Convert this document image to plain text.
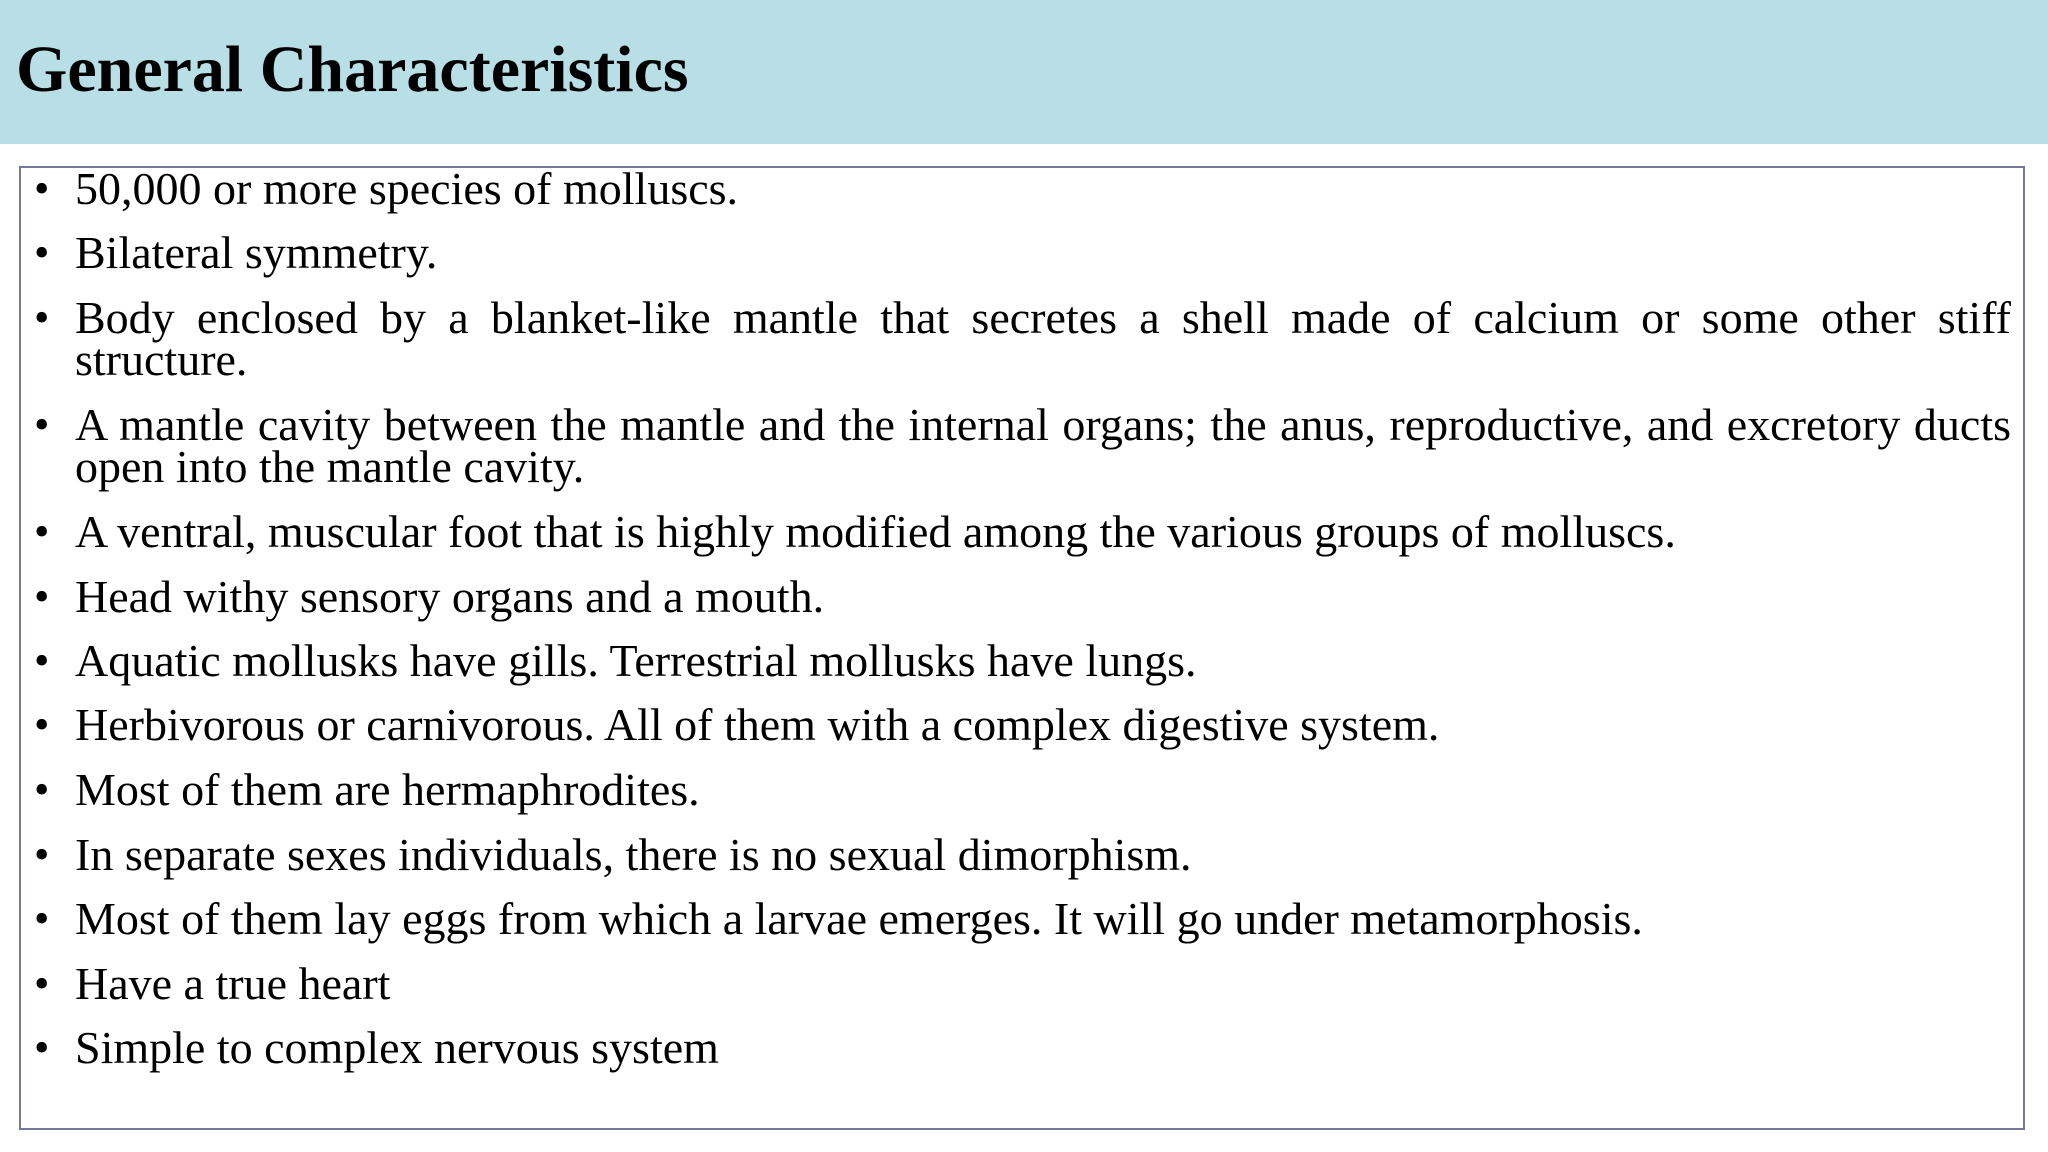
General Characteristics
• 50,000 or more species of molluscs.
• Bilateral symmetry.
• Body enclosed by a blanket-like mantle that secretes a shell made of calcium or some other stiff structure.
• A mantle cavity between the mantle and the internal organs; the anus, reproductive, and excretory ducts open into the mantle cavity.
• A ventral, muscular foot that is highly modified among the various groups of molluscs.
• Head withy sensory organs and a mouth.
• Aquatic mollusks have gills. Terrestrial mollusks have lungs.
• Herbivorous or carnivorous. All of them with a complex digestive system.
• Most of them are hermaphrodites.
• In separate sexes individuals, there is no sexual dimorphism.
• Most of them lay eggs from which a larvae emerges. It will go under metamorphosis.
• Have a true heart
• Simple to complex nervous system
